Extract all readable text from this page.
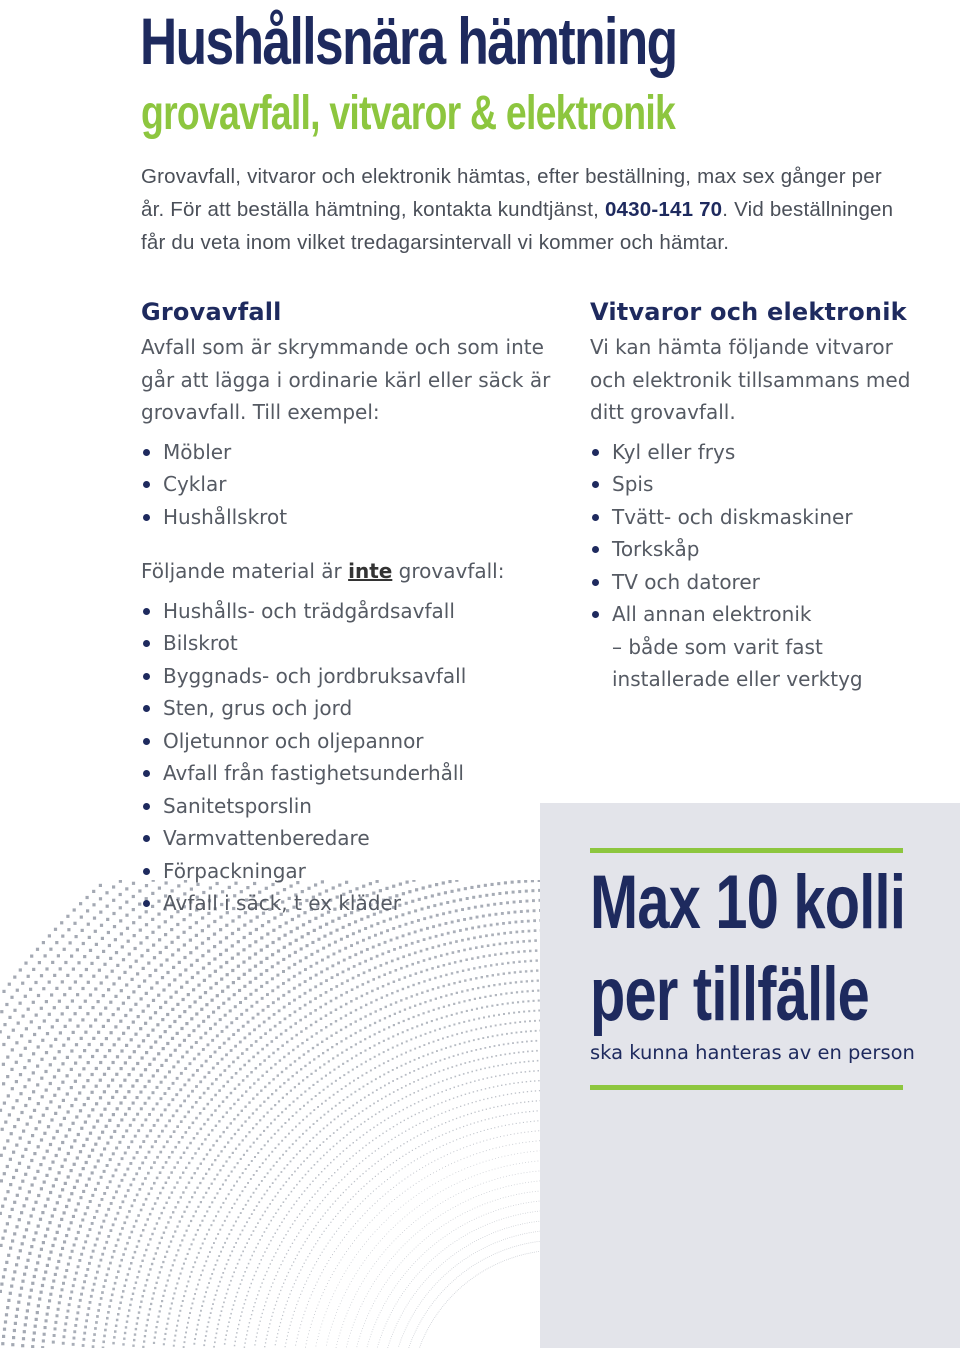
Hushållsnära hämtning
grovavfall, vitvaror & elektronik

Grovavfall, vitvaror och elektronik hämtas, efter beställning, max sex gånger per år. För att beställa hämtning, kontakta kundtjänst, 0430-141 70. Vid beställningen får du veta inom vilket tredagarsintervall vi kommer och hämtar.

Grovavfall

Avfall som är skrymmande och som inte går att lägga i ordinarie kärl eller säck är grovavfall. Till exempel:

Möbler
Cyklar
Hushållskrot

Följande material är inte grovavfall:

Hushålls- och trädgårdsavfall
Bilskrot
Byggnads- och jordbruksavfall
Sten, grus och jord
Oljetunnor och oljepannor
Avfall från fastighetsunderhåll
Sanitetsporslin
Varmvattenberedare
Förpackningar
Avfall i säck, t ex kläder
Vitvaror och elektronik

Vi kan hämta följande vitvaror och elektronik tillsammans med ditt grovavfall.

Kyl eller frys
Spis
Tvätt- och diskmaskiner
Torkskåp
TV och datorer
All annan elektronik
– både som varit fast installerade eller verktyg

Max 10 kolli

per tillfälle

ska kunna hanteras av en person
